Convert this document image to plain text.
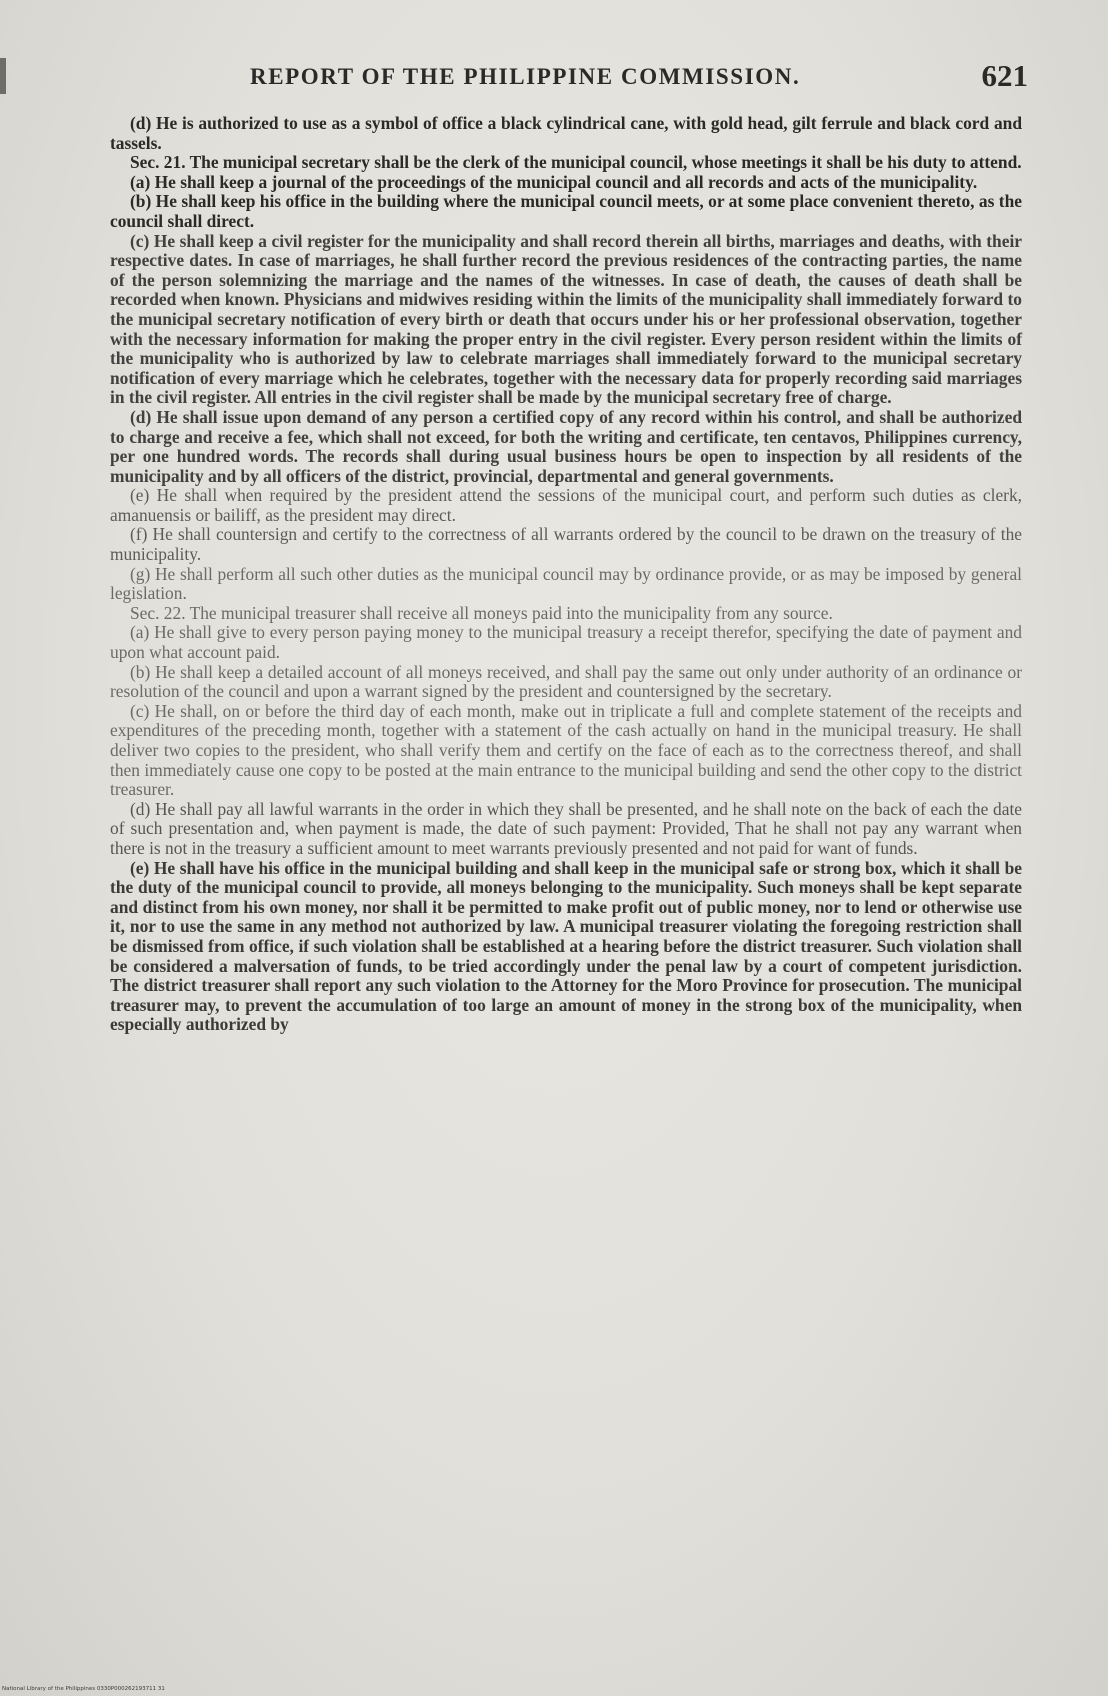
REPORT OF THE PHILIPPINE COMMISSION.	621

(d) He is authorized to use as a symbol of office a black cylindrical cane, with gold head, gilt ferrule and black cord and tassels.

Sec. 21. The municipal secretary shall be the clerk of the municipal council, whose meetings it shall be his duty to attend.

(a) He shall keep a journal of the proceedings of the municipal council and all records and acts of the municipality.

(b) He shall keep his office in the building where the municipal council meets, or at some place convenient thereto, as the council shall direct.

(c) He shall keep a civil register for the municipality and shall record therein all births, marriages and deaths, with their respective dates. In case of marriages, he shall further record the previous residences of the contracting parties, the name of the person solemnizing the marriage and the names of the witnesses. In case of death, the causes of death shall be recorded when known. Physicians and midwives residing within the limits of the municipality shall immediately forward to the municipal secretary notification of every birth or death that occurs under his or her professional observation, together with the necessary information for making the proper entry in the civil register. Every person resident within the limits of the municipality who is authorized by law to celebrate marriages shall immediately forward to the municipal secretary notification of every marriage which he celebrates, together with the necessary data for properly recording said marriages in the civil register. All entries in the civil register shall be made by the municipal secretary free of charge.

(d) He shall issue upon demand of any person a certified copy of any record within his control, and shall be authorized to charge and receive a fee, which shall not exceed, for both the writing and certificate, ten centavos, Philippines currency, per one hundred words. The records shall during usual business hours be open to inspection by all residents of the municipality and by all officers of the district, provincial, departmental and general governments.

(e) He shall when required by the president attend the sessions of the municipal court, and perform such duties as clerk, amanuensis or bailiff, as the president may direct.

(f) He shall countersign and certify to the correctness of all warrants ordered by the council to be drawn on the treasury of the municipality.

(g) He shall perform all such other duties as the municipal council may by ordinance provide, or as may be imposed by general legislation.

Sec. 22. The municipal treasurer shall receive all moneys paid into the municipality from any source.

(a) He shall give to every person paying money to the municipal treasury a receipt therefor, specifying the date of payment and upon what account paid.

(b) He shall keep a detailed account of all moneys received, and shall pay the same out only under authority of an ordinance or resolution of the council and upon a warrant signed by the president and countersigned by the secretary.

(c) He shall, on or before the third day of each month, make out in triplicate a full and complete statement of the receipts and expenditures of the preceding month, together with a statement of the cash actually on hand in the municipal treasury. He shall deliver two copies to the president, who shall verify them and certify on the face of each as to the correctness thereof, and shall then immediately cause one copy to be posted at the main entrance to the municipal building and send the other copy to the district treasurer.

(d) He shall pay all lawful warrants in the order in which they shall be presented, and he shall note on the back of each the date of such presentation and, when payment is made, the date of such payment: Provided, That he shall not pay any warrant when there is not in the treasury a sufficient amount to meet warrants previously presented and not paid for want of funds.

(e) He shall have his office in the municipal building and shall keep in the municipal safe or strong box, which it shall be the duty of the municipal council to provide, all moneys belonging to the municipality. Such moneys shall be kept separate and distinct from his own money, nor shall it be permitted to make profit out of public money, nor to lend or otherwise use it, nor to use the same in any method not authorized by law. A municipal treasurer violating the foregoing restriction shall be dismissed from office, if such violation shall be established at a hearing before the district treasurer. Such violation shall be considered a malversation of funds, to be tried accordingly under the penal law by a court of competent jurisdiction. The district treasurer shall report any such violation to the Attorney for the Moro Province for prosecution. The municipal treasurer may, to prevent the accumulation of too large an amount of money in the strong box of the municipality, when especially authorized by

National Library of the Philippines 0330P000262193711 31
